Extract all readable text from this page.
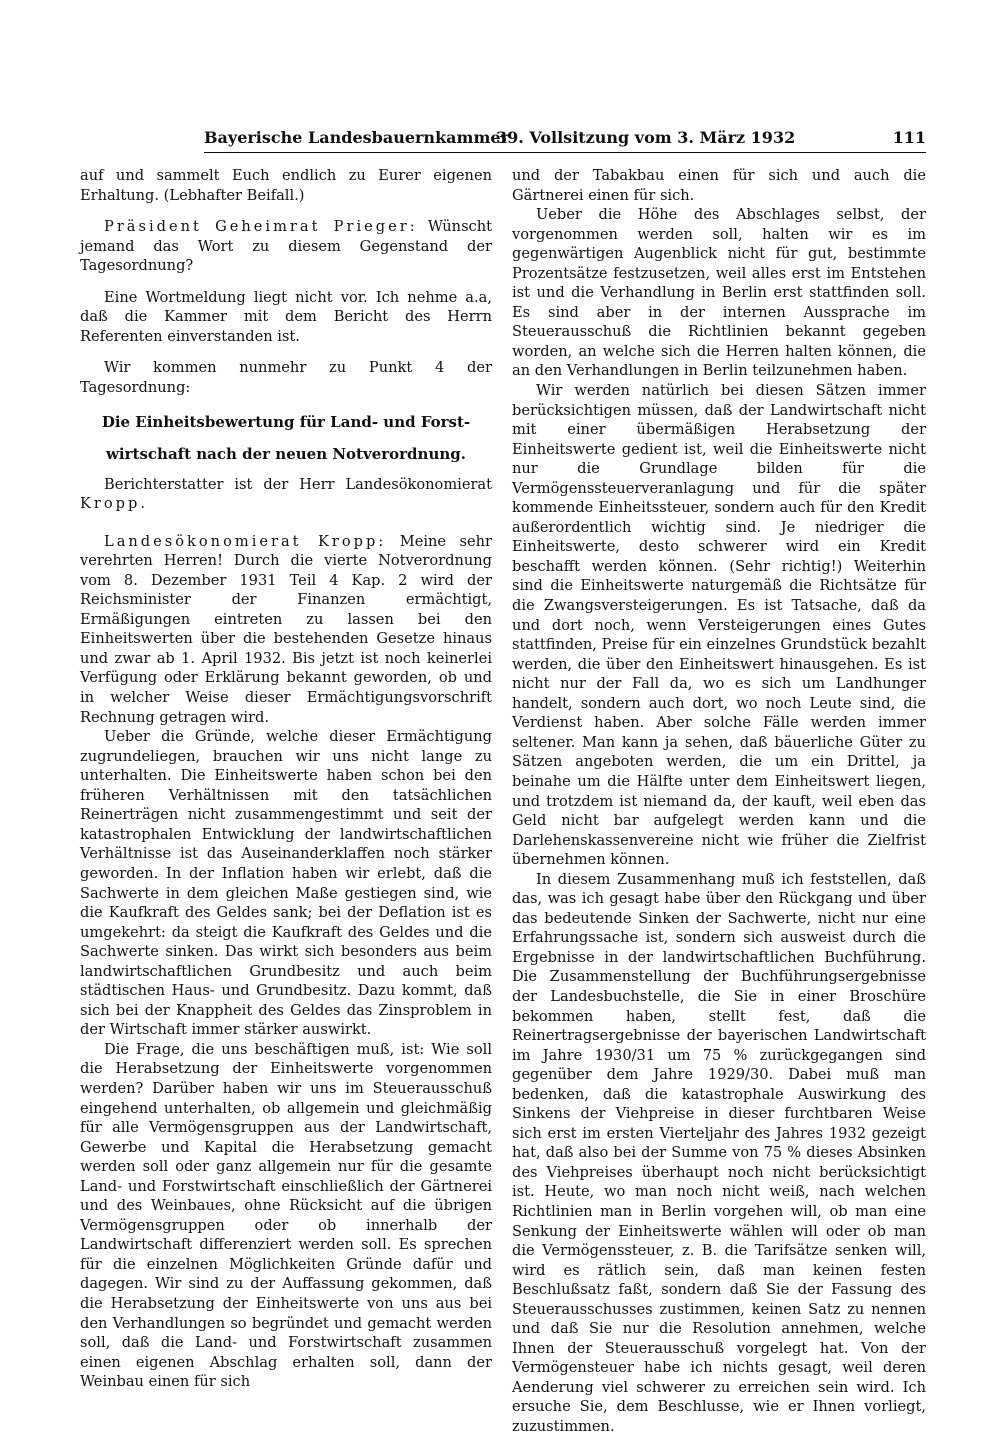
Bayerische Landesbauernkammer
39. Vollsitzung vom 3. März 1932	111

auf und sammelt Euch endlich zu Eurer eigenen Erhaltung. (Lebhafter Beifall.)

Präsident Geheimrat Prieger: Wünscht jemand das Wort zu diesem Gegenstand der Tagesordnung?

Eine Wortmeldung liegt nicht vor. Ich nehme a.a, daß die Kammer mit dem Bericht des Herrn Referenten einverstanden ist.

Wir kommen nunmehr zu Punkt 4 der Tagesordnung:

Die Einheitsbewertung für Land- und Forst-

wirtschaft nach der neuen Notverordnung.

Berichterstatter ist der Herr Landesökonomierat Kropp.

Landesökonomierat Kropp: Meine sehr verehrten Herren! Durch die vierte Notverordnung vom 8. Dezember 1931 Teil 4 Kap. 2 wird der Reichsminister der Finanzen ermächtigt, Ermäßigungen eintreten zu lassen bei den Einheitswerten über die bestehenden Gesetze hinaus und zwar ab 1. April 1932. Bis jetzt ist noch keinerlei Verfügung oder Erklärung bekannt geworden, ob und in welcher Weise dieser Ermächtigungsvorschrift Rechnung getragen wird.

Ueber die Gründe, welche dieser Ermächtigung zugrundeliegen, brauchen wir uns nicht lange zu unterhalten. Die Einheitswerte haben schon bei den früheren Verhältnissen mit den tatsächlichen Reinerträgen nicht zusammengestimmt und seit der katastrophalen Entwicklung der landwirtschaftlichen Verhältnisse ist das Auseinanderklaffen noch stärker geworden. In der Inflation haben wir erlebt, daß die Sachwerte in dem gleichen Maße gestiegen sind, wie die Kaufkraft des Geldes sank; bei der Deflation ist es umgekehrt: da steigt die Kaufkraft des Geldes und die Sachwerte sinken. Das wirkt sich besonders aus beim landwirtschaftlichen Grundbesitz und auch beim städtischen Haus- und Grundbesitz. Dazu kommt, daß sich bei der Knappheit des Geldes das Zinsproblem in der Wirtschaft immer stärker auswirkt.

Die Frage, die uns beschäftigen muß, ist: Wie soll die Herabsetzung der Einheitswerte vorgenommen werden? Darüber haben wir uns im Steuerausschuß eingehend unterhalten, ob allgemein und gleichmäßig für alle Vermögensgruppen aus der Landwirtschaft, Gewerbe und Kapital die Herabsetzung gemacht werden soll oder ganz allgemein nur für die gesamte Land- und Forstwirtschaft einschließlich der Gärtnerei und des Weinbaues, ohne Rücksicht auf die übrigen Vermögensgruppen oder ob innerhalb der Landwirtschaft differenziert werden soll. Es sprechen für die einzelnen Möglichkeiten Gründe dafür und dagegen. Wir sind zu der Auffassung gekommen, daß die Herabsetzung der Einheitswerte von uns aus bei den Verhandlungen so begründet und gemacht werden soll, daß die Land- und Forstwirtschaft zusammen einen eigenen Abschlag erhalten soll, dann der Weinbau einen für sich

und der Tabakbau einen für sich und auch die Gärtnerei einen für sich.

Ueber die Höhe des Abschlages selbst, der vorgenommen werden soll, halten wir es im gegenwärtigen Augenblick nicht für gut, bestimmte Prozentsätze festzusetzen, weil alles erst im Entstehen ist und die Verhandlung in Berlin erst stattfinden soll. Es sind aber in der internen Aussprache im Steuerausschuß die Richtlinien bekannt gegeben worden, an welche sich die Herren halten können, die an den Verhandlungen in Berlin teilzunehmen haben.

Wir werden natürlich bei diesen Sätzen immer berücksichtigen müssen, daß der Landwirtschaft nicht mit einer übermäßigen Herabsetzung der Einheitswerte gedient ist, weil die Einheitswerte nicht nur die Grundlage bilden für die Vermögenssteuerveranlagung und für die später kommende Einheitssteuer, sondern auch für den Kredit außerordentlich wichtig sind. Je niedriger die Einheitswerte, desto schwerer wird ein Kredit beschafft werden können. (Sehr richtig!) Weiterhin sind die Einheitswerte naturgemäß die Richtsätze für die Zwangsversteigerungen. Es ist Tatsache, daß da und dort noch, wenn Versteigerungen eines Gutes stattfinden, Preise für ein einzelnes Grundstück bezahlt werden, die über den Einheitswert hinausgehen. Es ist nicht nur der Fall da, wo es sich um Landhunger handelt, sondern auch dort, wo noch Leute sind, die Verdienst haben. Aber solche Fälle werden immer seltener. Man kann ja sehen, daß bäuerliche Güter zu Sätzen angeboten werden, die um ein Drittel, ja beinahe um die Hälfte unter dem Einheitswert liegen, und trotzdem ist niemand da, der kauft, weil eben das Geld nicht bar aufgelegt werden kann und die Darlehenskassenvereine nicht wie früher die Zielfrist übernehmen können.

In diesem Zusammenhang muß ich feststellen, daß das, was ich gesagt habe über den Rückgang und über das bedeutende Sinken der Sachwerte, nicht nur eine Erfahrungssache ist, sondern sich ausweist durch die Ergebnisse in der landwirtschaftlichen Buchführung. Die Zusammenstellung der Buchführungsergebnisse der Landesbuchstelle, die Sie in einer Broschüre bekommen haben, stellt fest, daß die Reinertragsergebnisse der bayerischen Landwirtschaft im Jahre 1930/31 um 75 % zurückgegangen sind gegenüber dem Jahre 1929/30. Dabei muß man bedenken, daß die katastrophale Auswirkung des Sinkens der Viehpreise in dieser furchtbaren Weise sich erst im ersten Vierteljahr des Jahres 1932 gezeigt hat, daß also bei der Summe von 75 % dieses Absinken des Viehpreises überhaupt noch nicht berücksichtigt ist. Heute, wo man noch nicht weiß, nach welchen Richtlinien man in Berlin vorgehen will, ob man eine Senkung der Einheitswerte wählen will oder ob man die Vermögenssteuer, z. B. die Tarifsätze senken will, wird es rätlich sein, daß man keinen festen Beschlußsatz faßt, sondern daß Sie der Fassung des Steuerausschusses zustimmen, keinen Satz zu nennen und daß Sie nur die Resolution annehmen, welche Ihnen der Steuerausschuß vorgelegt hat. Von der Vermögensteuer habe ich nichts gesagt, weil deren Aenderung viel schwerer zu erreichen sein wird. Ich ersuche Sie, dem Beschlusse, wie er Ihnen vorliegt, zuzustimmen.
